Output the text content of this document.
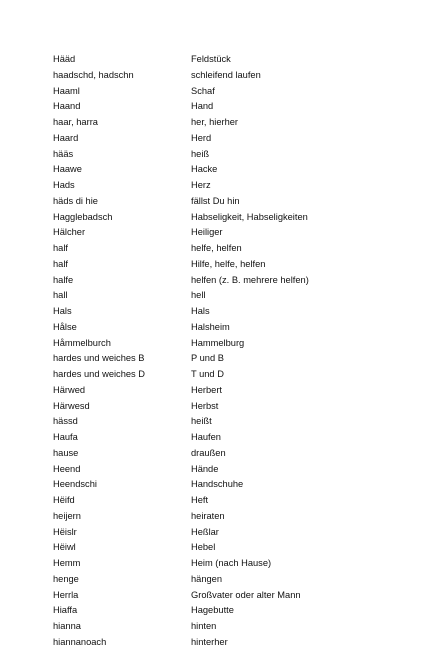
Hääd	Feldstück
haadschd, hadschn	schleifend laufen
Haaml	Schaf
Haand	Hand
haar, harra	her, hierher
Haard	Herd
hääs	heiß
Haawe	Hacke
Hads	Herz
häds di hie	fällst Du hin
Hagglebadsch	Habseligkeit, Habseligkeiten
Hälcher	Heiliger
half	helfe, helfen
half	Hilfe, helfe, helfen
halfe	helfen (z. B. mehrere helfen)
hall	hell
Hals	Hals
Hålse	Halsheim
Håmmelburch	Hammelburg
hardes und weiches B	P und B
hardes und weiches D	T und D
Härwed	Herbert
Härwesd	Herbst
hässd	heißt
Haufa	Haufen
hause	draußen
Heend	Hände
Heendschi	Handschuhe
Hëifd	Heft
heijern	heiraten
Hëislr	Heßlar
Hëiwl	Hebel
Hemm	Heim (nach Hause)
henge	hängen
Herrla	Großvater oder alter Mann
Hiaffa	Hagebutte
hianna	hinten
hiannanoach	hinterher
